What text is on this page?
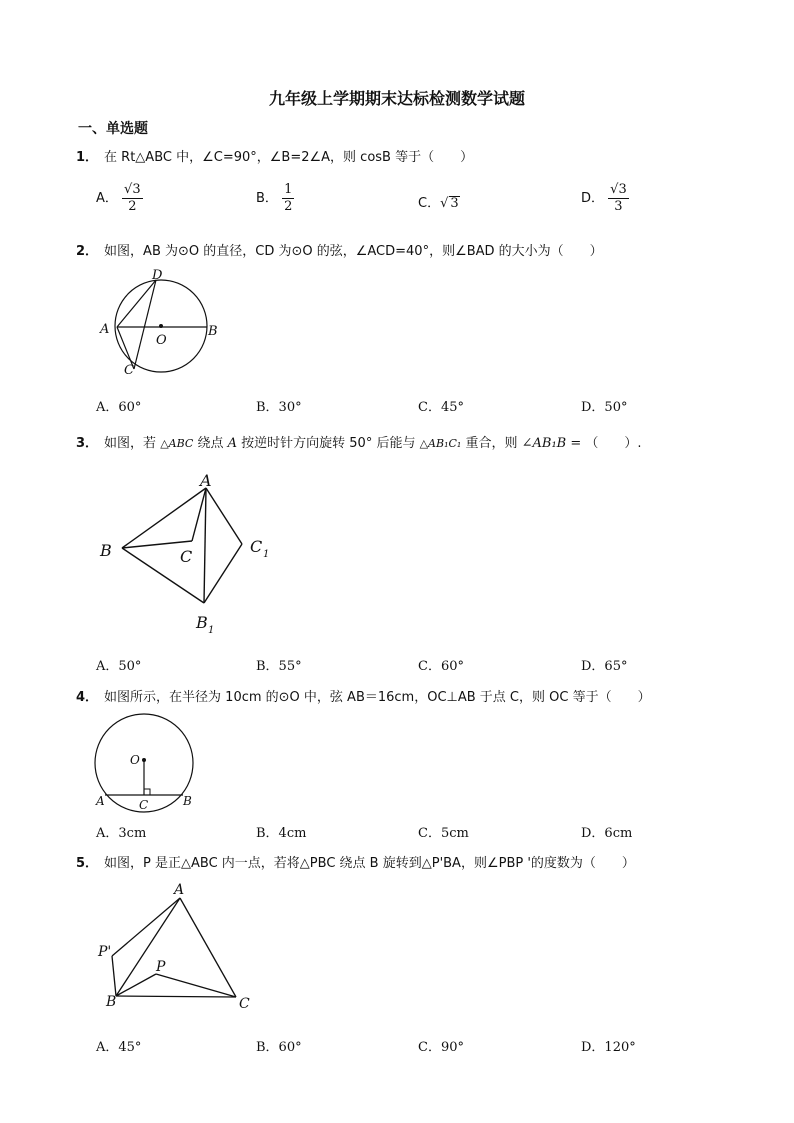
九年级上学期期末达标检测数学试题
一、单选题
1． 在 Rt△ABC 中，∠C=90°，∠B=2∠A，则 cosB 等于（　　）
A． $\frac{√3}{2}$	B． $\frac{1}{2}$	C．√ 3	D． $\frac{√3}{3}$
2． 如图，AB 为⊙O 的直径，CD 为⊙O 的弦，∠ACD=40°，则∠BAD 的大小为（　　）
A	B
C
D
O
A．60°	B．30°	C．45°	D．50°
3． 如图，若 △ABC 绕点 A 按逆时针方向旋转 50° 后能与 △AB₁C₁ 重合，则 ∠AB₁B = （　　）.
A
B	C
C 1
B 1
A．50°	B．55°	C．60°	D．65°
4． 如图所示，在半径为 10cm 的⊙O 中，弦 AB＝16cm，OC⊥AB 于点 C，则 OC 等于（　　）
O
A	B
C
A．3cm	B．4cm	C．5cm	D．6cm
5． 如图，P 是正△ABC 内一点，若将△PBC 绕点 B 旋转到△P'BA，则∠PBP '的度数为（　　）
A
P'
P
B	C
A．45°	B．60°	C．90°	D．120°
